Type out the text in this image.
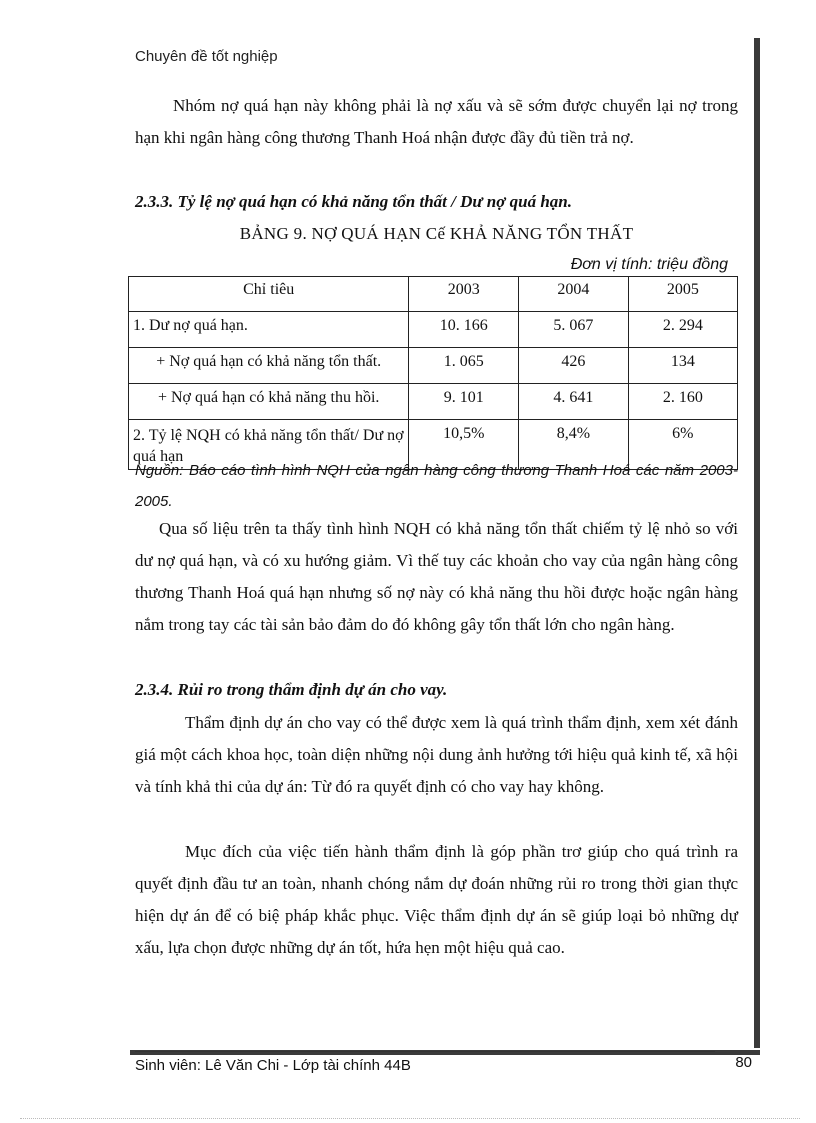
Chuyên đề tốt nghiệp

Nhóm nợ quá hạn này không phải là nợ xấu và sẽ sớm được chuyển lại nợ trong hạn khi ngân hàng công thương Thanh Hoá nhận được đầy đủ tiền trả nợ.

2.3.3. Tỷ lệ nợ quá hạn có khả năng tổn thất / Dư nợ quá hạn.

BẢNG 9. NỢ QUÁ HẠN Cế KHẢ NĂNG TỔN THẤT
Đơn vị tính: triệu đồng
Chỉ tiêu	2003	2004	2005
1. Dư nợ quá hạn.	10. 166	5. 067	2. 294
+ Nợ quá hạn có khả năng tổn thất.	1. 065	426	134
+ Nợ quá hạn có khả năng thu hồi.	9. 101	4. 641	2. 160
2. Tỷ lệ NQH có khả năng tổn thất/ Dư nợ quá hạn	10,5%	8,4%	6%
Nguồn: Báo cáo tình hình NQH của ngân hàng công thương Thanh Hoá các năm 2003-2005.

Qua số liệu trên ta thấy tình hình NQH có khả năng tổn thất chiếm tỷ lệ nhỏ so với dư nợ quá hạn, và có xu hướng giảm. Vì thế tuy các khoản cho vay của ngân hàng công thương Thanh Hoá quá hạn nhưng số nợ này có khả năng thu hồi được hoặc ngân hàng nắm trong tay các tài sản bảo đảm do đó không gây tổn thất lớn cho ngân hàng.

2.3.4. Rủi ro trong thẩm định dự án cho vay.

Thẩm định dự án cho vay có thể được xem là quá trình thẩm định, xem xét đánh giá một cách khoa học, toàn diện những nội dung ảnh hưởng tới hiệu quả kinh tế, xã hội và tính khả thi của dự án: Từ đó ra quyết định có cho vay hay không.

Mục đích của việc tiến hành thẩm định là góp phần trơ giúp cho quá trình ra quyết định đầu tư an toàn, nhanh chóng nắm dự đoán những rủi ro trong thời gian thực hiện dự án để có biệ pháp khắc phục. Việc thẩm định dự án sẽ giúp loại bỏ những dự xấu, lựa chọn được những dự án tốt, hứa hẹn một hiệu quả cao.

Sinh viên: Lê Văn Chi - Lớp tài chính 44B	80
